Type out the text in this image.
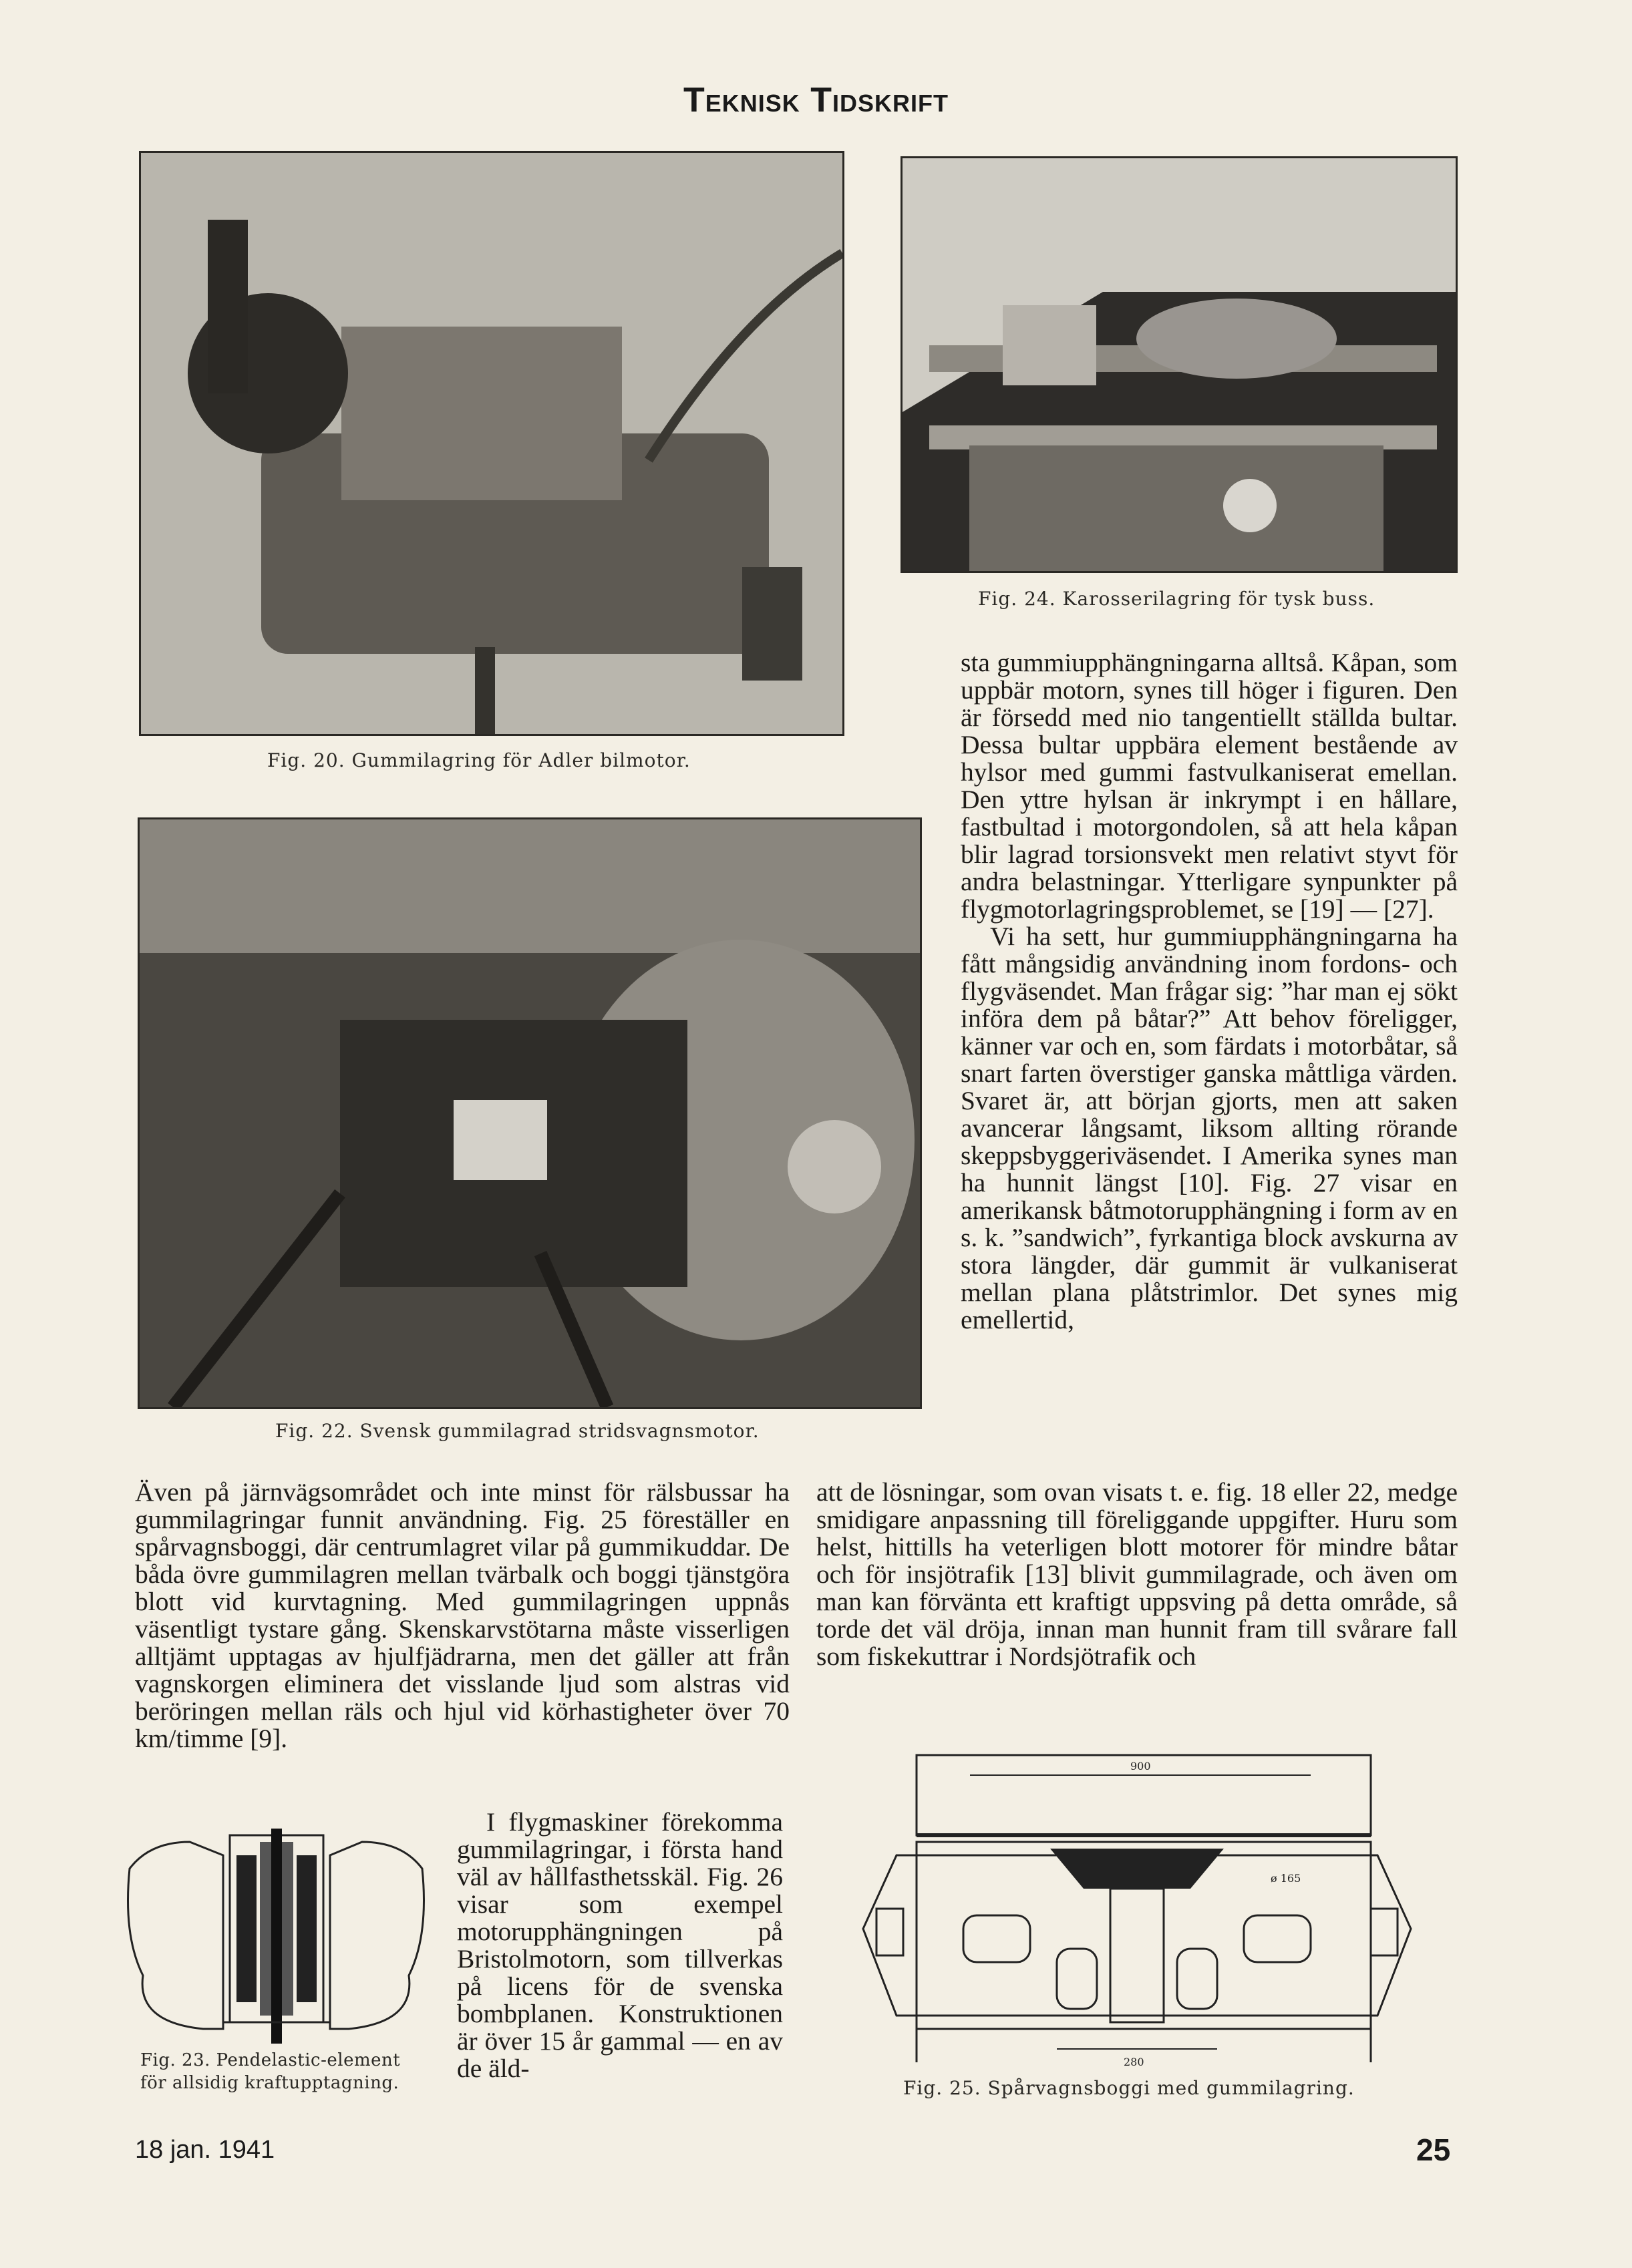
Teknisk Tidskrift
Fig. 20. Gummilagring för Adler bilmotor.
Fig. 24. Karosserilagring för tysk buss.
Fig. 22. Svensk gummilagrad stridsvagnsmotor.

sta gummiupphängningarna alltså. Kåpan, som uppbär motorn, synes till höger i figuren. Den är försedd med nio tangentiellt ställda bultar. Dessa bultar uppbära element bestående av hylsor med gummi fastvulkaniserat emellan. Den yttre hylsan är inkrympt i en hållare, fastbultad i motorgondolen, så att hela kåpan blir lagrad torsionsvekt men relativt styvt för andra belastningar. Ytterligare synpunkter på flygmotorlagringsproblemet, se [19] — [27].

Vi ha sett, hur gummiupphängningarna ha fått mångsidig användning inom fordons- och flygväsendet. Man frågar sig: ”har man ej sökt införa dem på båtar?” Att behov föreligger, känner var och en, som färdats i motorbåtar, så snart farten överstiger ganska måttliga värden. Svaret är, att början gjorts, men att saken avancerar långsamt, liksom allting rörande skeppsbyggeriväsendet. I Amerika synes man ha hunnit längst [10]. Fig. 27 visar en amerikansk båtmotorupphängning i form av en s. k. ”sandwich”, fyrkantiga block avskurna av stora längder, där gummit är vulkaniserat mellan plana plåtstrimlor. Det synes mig emellertid,

att de lösningar, som ovan visats t. e. fig. 18 eller 22, medge smidigare anpassning till föreliggande uppgifter. Huru som helst, hittills ha veterligen blott motorer för mindre båtar och för insjötrafik [13] blivit gummilagrade, och även om man kan förvänta ett kraftigt uppsving på detta område, så torde det väl dröja, innan man hunnit fram till svårare fall som fiskekuttrar i Nordsjötrafik och
Även på järnvägsområdet och inte minst för rälsbussar ha gummilagringar funnit användning. Fig. 25 föreställer en spårvagnsboggi, där centrumlagret vilar på gummikuddar. De båda övre gummilagren mellan tvärbalk och boggi tjänstgöra blott vid kurvtagning. Med gummilagringen uppnås väsentligt tystare gång. Skenskarvstötarna måste visserligen alltjämt upptagas av hjulfjädrarna, men det gäller att från vagnskorgen eliminera det visslande ljud som alstras vid beröringen mellan räls och hjul vid körhastigheter över 70 km/timme [9].
Fig. 23. Pendelastic-element
för allsidig kraftupptagning.
I flygmaskiner förekomma gummilagringar, i första hand väl av hållfasthetsskäl. Fig. 26 visar som exempel motorupphängningen på Bristolmotorn, som tillverkas på licens för de svenska bombplanen. Konstruktionen är över 15 år gammal — en av de äld-
900
ø 165
280
Fig. 25. Spårvagnsboggi med gummilagring.
18 jan. 1941	25
